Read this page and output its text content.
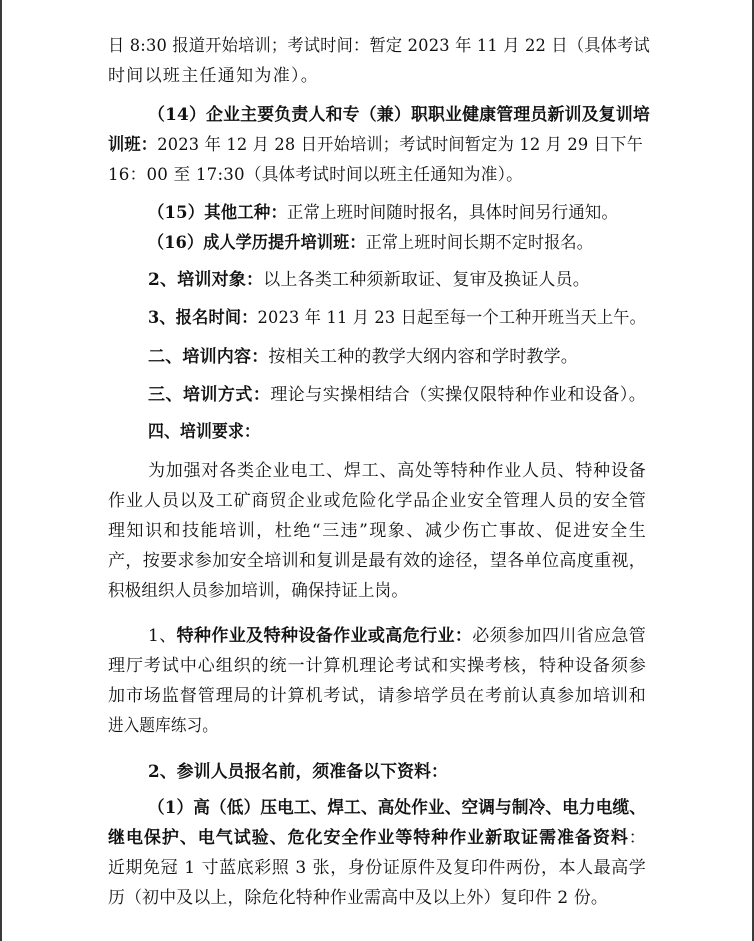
日 8:30 报道开始培训；考试时间：暂定 2023 年 11 月 22 日（具体考试
时间以班主任通知为准）。
（14）企业主要负责人和专（兼）职职业健康管理员新训及复训培
训班：2023 年 12 月 28 日开始培训；考试时间暂定为 12 月 29 日下午
16：00 至 17:30（具体考试时间以班主任通知为准）。
（15）其他工种：正常上班时间随时报名，具体时间另行通知。
（16）成人学历提升培训班：正常上班时间长期不定时报名。
2、培训对象：以上各类工种须新取证、复审及换证人员。
3、报名时间：2023 年 11 月 23 日起至每一个工种开班当天上午。
二、培训内容：按相关工种的教学大纲内容和学时教学。
三、培训方式：理论与实操相结合（实操仅限特种作业和设备）。
四、培训要求：
为加强对各类企业电工、焊工、高处等特种作业人员、特种设备
作业人员以及工矿商贸企业或危险化学品企业安全管理人员的安全管
理知识和技能培训，杜绝“三违”现象、减少伤亡事故、促进安全生
产，按要求参加安全培训和复训是最有效的途径，望各单位高度重视，
积极组织人员参加培训，确保持证上岗。
1、特种作业及特种设备作业或高危行业：必须参加四川省应急管
理厅考试中心组织的统一计算机理论考试和实操考核，特种设备须参
加市场监督管理局的计算机考试，请参培学员在考前认真参加培训和
进入题库练习。
2、参训人员报名前，须准备以下资料：
（1）高（低）压电工、焊工、高处作业、空调与制冷、电力电缆、
继电保护、电气试验、危化安全作业等特种作业新取证需准备资料：
近期免冠 1 寸蓝底彩照 3 张，身份证原件及复印件两份，本人最高学
历（初中及以上，除危化特种作业需高中及以上外）复印件 2 份。
